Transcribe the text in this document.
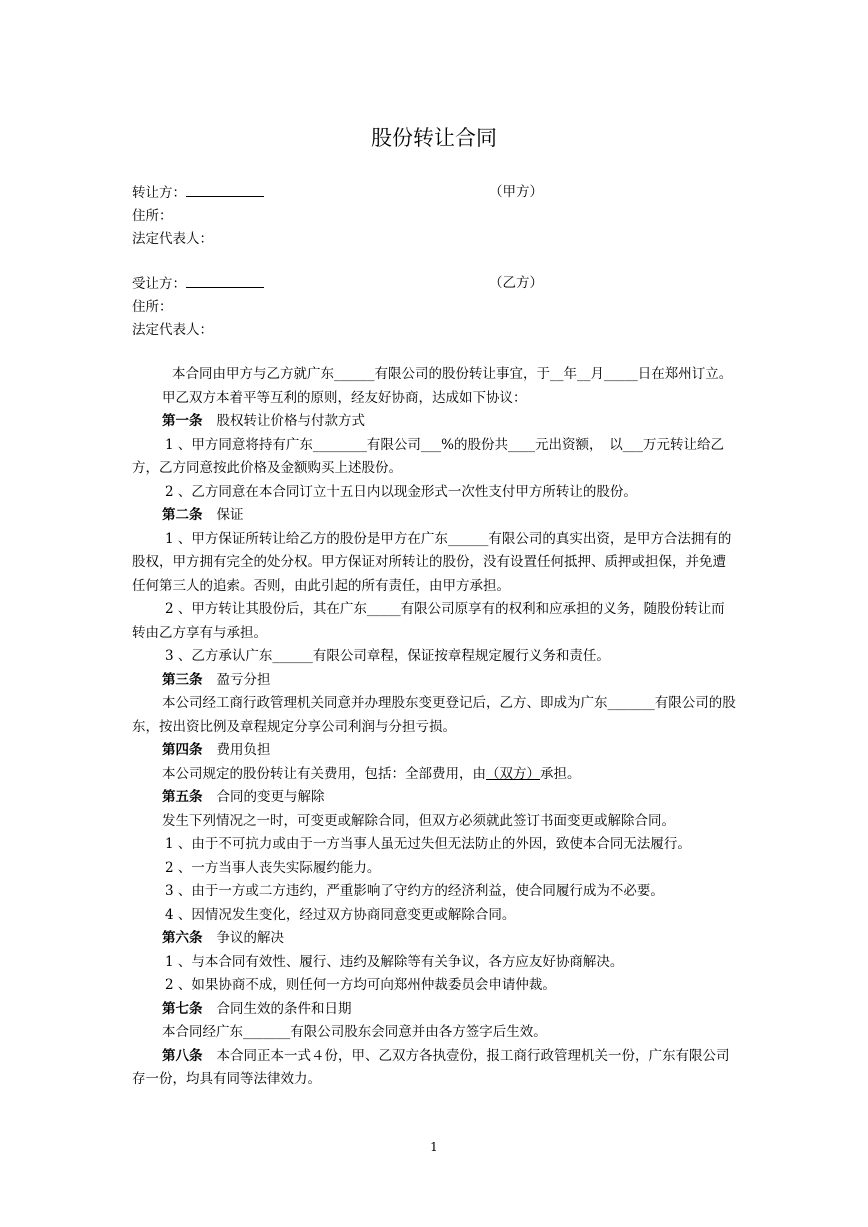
股份转让合同
转让方：	（甲方）
住所：
法定代表人：
受让方：	（乙方）
住所：
法定代表人：

本合同由甲方与乙方就广东______有限公司的股份转让事宜，于__年__月_____日在郑州订立。

甲乙双方本着平等互利的原则，经友好协商，达成如下协议：

第一条 股权转让价格与付款方式

1 、甲方同意将持有广东________有限公司___%的股份共____元出资额，　以___万元转让给乙方，乙方同意按此价格及金额购买上述股份。

2 、乙方同意在本合同订立十五日内以现金形式一次性支付甲方所转让的股份。

第二条 保证

1 、甲方保证所转让给乙方的股份是甲方在广东______有限公司的真实出资，是甲方合法拥有的股权，甲方拥有完全的处分权。甲方保证对所转让的股份，没有设置任何抵押、质押或担保，并免遭任何第三人的追索。否则，由此引起的所有责任，由甲方承担。

2 、甲方转让其股份后，其在广东_____有限公司原享有的权利和应承担的义务，随股份转让而转由乙方享有与承担。

3 、乙方承认广东______有限公司章程，保证按章程规定履行义务和责任。

第三条 盈亏分担

本公司经工商行政管理机关同意并办理股东变更登记后，乙方、即成为广东_______有限公司的股东，按出资比例及章程规定分享公司利润与分担亏损。

第四条 费用负担

本公司规定的股份转让有关费用，包括：全部费用，由（双方）承担。

第五条 合同的变更与解除

发生下列情况之一时，可变更或解除合同，但双方必须就此签订书面变更或解除合同。

1 、由于不可抗力或由于一方当事人虽无过失但无法防止的外因，致使本合同无法履行。

2 、一方当事人丧失实际履约能力。

3 、由于一方或二方违约，严重影响了守约方的经济利益，使合同履行成为不必要。

4 、因情况发生变化，经过双方协商同意变更或解除合同。

第六条 争议的解决

1 、与本合同有效性、履行、违约及解除等有关争议，各方应友好协商解决。

2 、如果协商不成，则任何一方均可向郑州仲裁委员会申请仲裁。

第七条 合同生效的条件和日期

本合同经广东_______有限公司股东会同意并由各方签字后生效。

第八条 本合同正本一式４份，甲、乙双方各执壹份，报工商行政管理机关一份，广东有限公司存一份，均具有同等法律效力。

1
